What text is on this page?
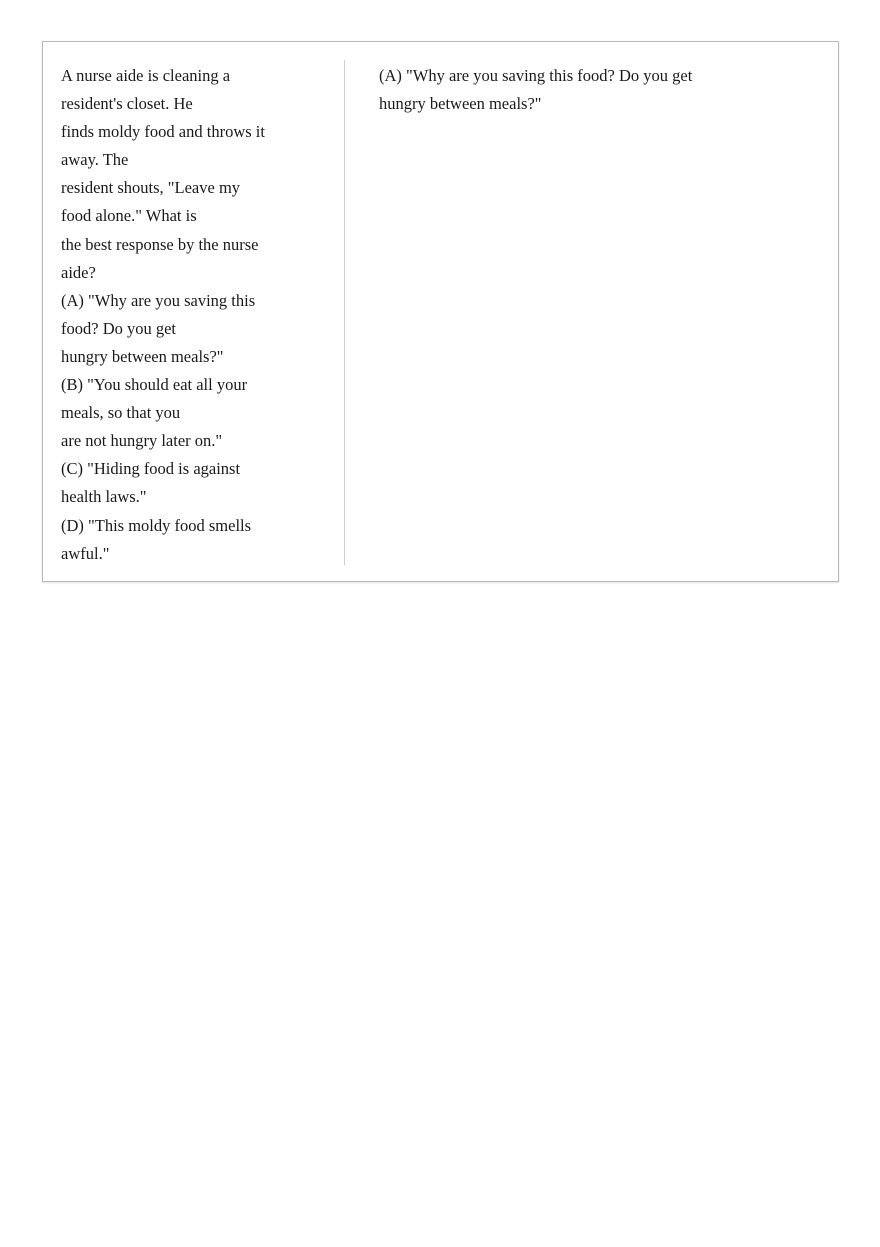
A nurse aide is cleaning a
resident's closet. He
finds moldy food and throws it
away. The
resident shouts, "Leave my
food alone." What is
the best response by the nurse
aide?
(A) "Why are you saving this
food? Do you get
hungry between meals?"
(B) "You should eat all your
meals, so that you
are not hungry later on."
(C) "Hiding food is against
health laws."
(D) "This moldy food smells
awful."
(A) "Why are you saving this food? Do you get
hungry between meals?"
